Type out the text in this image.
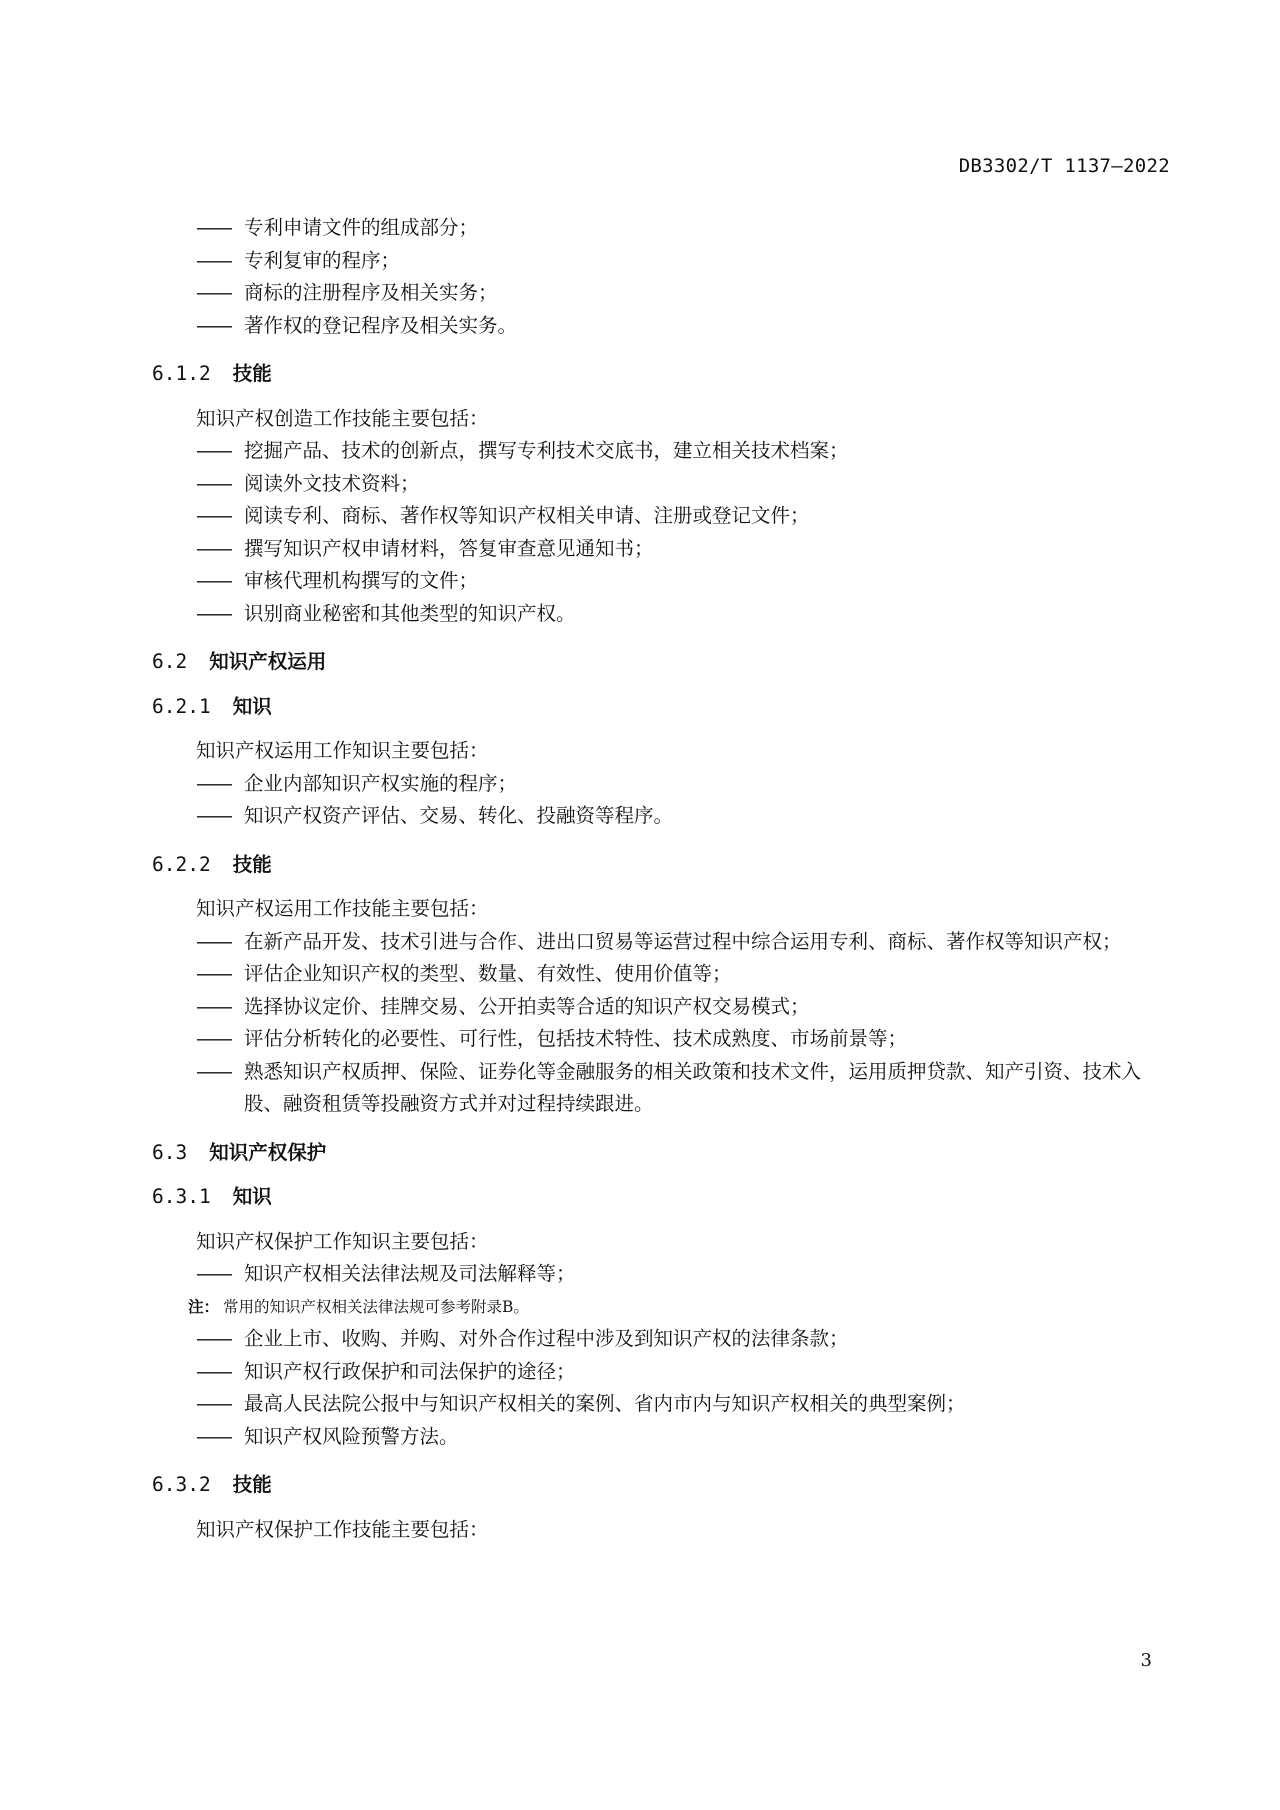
DB3302/T 1137—2022
—— 专利申请文件的组成部分；
—— 专利复审的程序；
—— 商标的注册程序及相关实务；
—— 著作权的登记程序及相关实务。
6.1.2 技能
知识产权创造工作技能主要包括：
—— 挖掘产品、技术的创新点，撰写专利技术交底书，建立相关技术档案；
—— 阅读外文技术资料；
—— 阅读专利、商标、著作权等知识产权相关申请、注册或登记文件；
—— 撰写知识产权申请材料，答复审查意见通知书；
—— 审核代理机构撰写的文件；
—— 识别商业秘密和其他类型的知识产权。
6.2 知识产权运用
6.2.1 知识
知识产权运用工作知识主要包括：
—— 企业内部知识产权实施的程序；
—— 知识产权资产评估、交易、转化、投融资等程序。
6.2.2 技能
知识产权运用工作技能主要包括：
—— 在新产品开发、技术引进与合作、进出口贸易等运营过程中综合运用专利、商标、著作权等知识产权；
—— 评估企业知识产权的类型、数量、有效性、使用价值等；
—— 选择协议定价、挂牌交易、公开拍卖等合适的知识产权交易模式；
—— 评估分析转化的必要性、可行性，包括技术特性、技术成熟度、市场前景等；
—— 熟悉知识产权质押、保险、证券化等金融服务的相关政策和技术文件，运用质押贷款、知产引资、技术入股、融资租赁等投融资方式并对过程持续跟进。
6.3 知识产权保护
6.3.1 知识
知识产权保护工作知识主要包括：
—— 知识产权相关法律法规及司法解释等；
注： 常用的知识产权相关法律法规可参考附录B。
—— 企业上市、收购、并购、对外合作过程中涉及到知识产权的法律条款；
—— 知识产权行政保护和司法保护的途径；
—— 最高人民法院公报中与知识产权相关的案例、省内市内与知识产权相关的典型案例；
—— 知识产权风险预警方法。
6.3.2 技能
知识产权保护工作技能主要包括：
3
